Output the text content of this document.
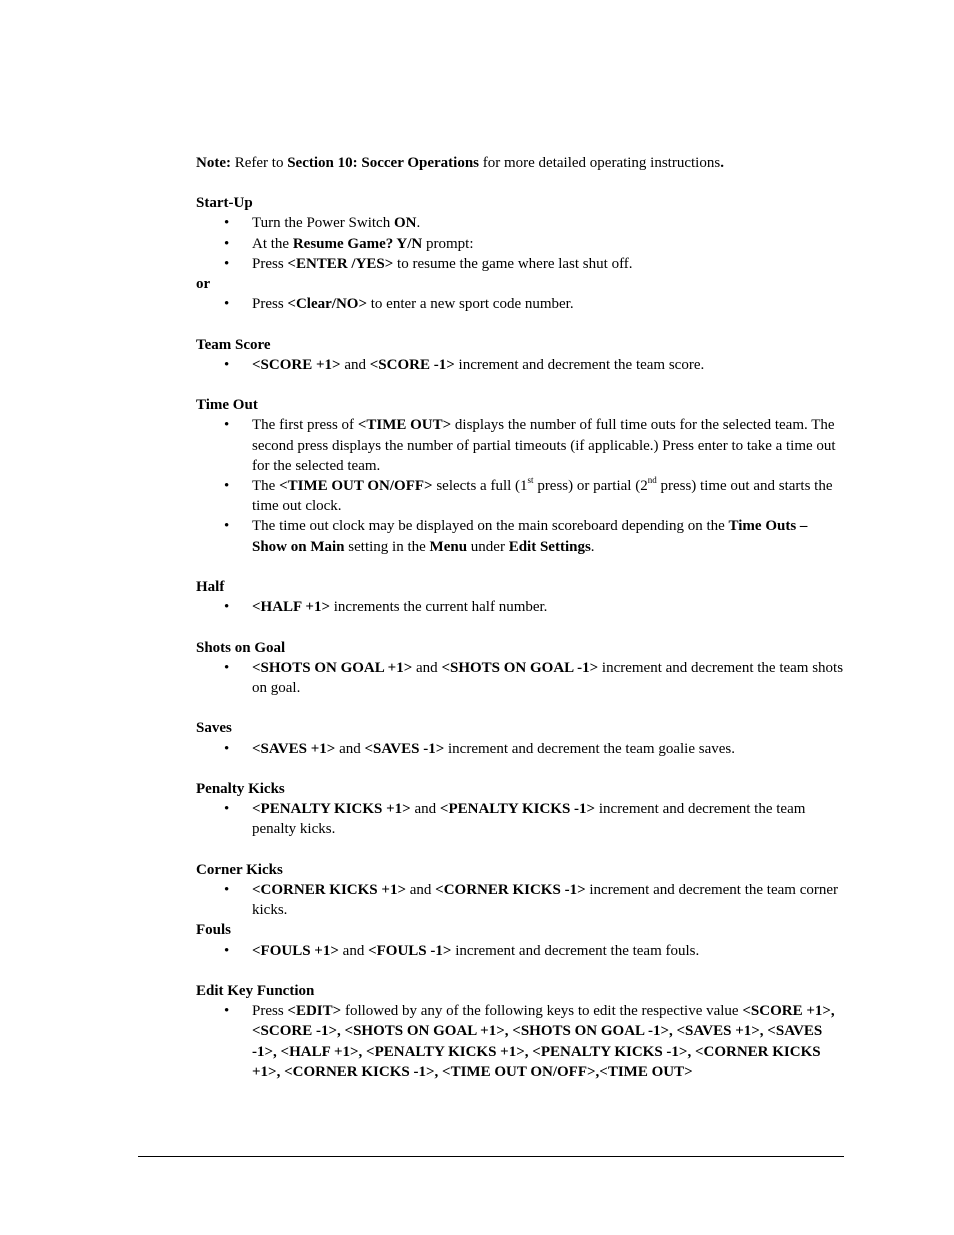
Note: Refer to Section 10: Soccer Operations for more detailed operating instructions.

Start-Up

• Turn the Power Switch ON.
• At the Resume Game? Y/N prompt:
• Press <ENTER /YES> to resume the game where last shut off.
or
• Press <Clear/NO> to enter a new sport code number.

Team Score

• <SCORE +1> and <SCORE -1> increment and decrement the team score.

Time Out

• The first press of <TIME OUT> displays the number of full time outs for the selected team. The second press displays the number of partial timeouts (if applicable.) Press enter to take a time out for the selected team.
• The <TIME OUT ON/OFF> selects a full (1st press) or partial (2nd press) time out and starts the time out clock.
• The time out clock may be displayed on the main scoreboard depending on the Time Outs – Show on Main setting in the Menu under Edit Settings.

Half

• <HALF +1> increments the current half number.

Shots on Goal

• <SHOTS ON GOAL +1> and <SHOTS ON GOAL -1> increment and decrement the team shots on goal.

Saves

• <SAVES +1> and <SAVES -1> increment and decrement the team goalie saves.

Penalty Kicks

• <PENALTY KICKS +1> and <PENALTY KICKS -1> increment and decrement the team penalty kicks.

Corner Kicks

• <CORNER KICKS +1> and <CORNER KICKS -1> increment and decrement the team corner kicks.

Fouls

• <FOULS +1> and <FOULS -1> increment and decrement the team fouls.

Edit Key Function

• Press <EDIT> followed by any of the following keys to edit the respective value <SCORE +1>, <SCORE -1>, <SHOTS ON GOAL +1>, <SHOTS ON GOAL -1>, <SAVES +1>, <SAVES -1>, <HALF +1>, <PENALTY KICKS +1>, <PENALTY KICKS -1>, <CORNER KICKS +1>, <CORNER KICKS -1>, <TIME OUT ON/OFF>,<TIME OUT>
